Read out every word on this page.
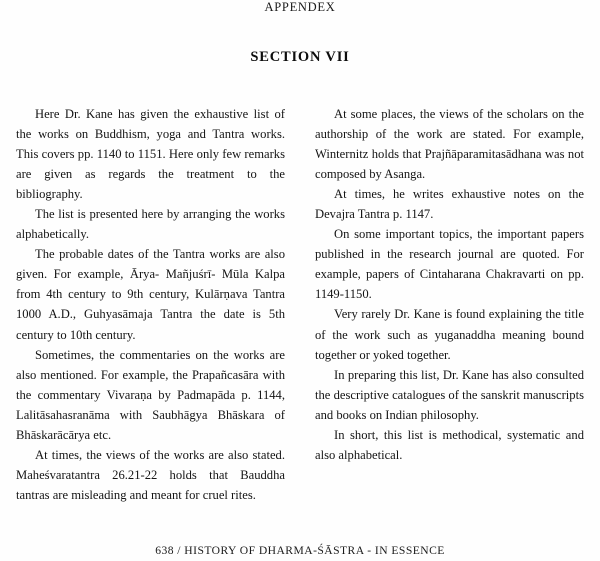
APPENDEX
SECTION VII

Here Dr. Kane has given the exhaustive list of the works on Buddhism, yoga and Tantra works. This covers pp. 1140 to 1151. Here only few remarks are given as regards the treatment to the bibliography.

The list is presented here by arranging the works alphabetically.

The probable dates of the Tantra works are also given. For example, Ārya- Mañjuśrī- Mūla Kalpa from 4th century to 9th century, Kulārṇava Tantra 1000 A.D., Guhyasāmaja Tantra the date is 5th century to 10th century.

Sometimes, the commentaries on the works are also mentioned. For example, the Prapañcasāra with the commentary Vivaraṇa by Padmapāda p. 1144, Lalitāsahasranāma with Saubhāgya Bhāskara of Bhāskarācārya etc.

At times, the views of the works are also stated. Maheśvaratantra 26.21-22 holds that Bauddha tantras are misleading and meant for cruel rites.

At some places, the views of the scholars on the authorship of the work are stated. For example, Winternitz holds that Prajñāparamitasādhana was not composed by Asanga.

At times, he writes exhaustive notes on the Devajra Tantra p. 1147.

On some important topics, the important papers published in the research journal are quoted. For example, papers of Cintaharana Chakravarti on pp. 1149-1150.

Very rarely Dr. Kane is found explaining the title of the work such as yuganaddha meaning bound together or yoked together.

In preparing this list, Dr. Kane has also consulted the descriptive catalogues of the sanskrit manuscripts and books on Indian philosophy.

In short, this list is methodical, systematic and also alphabetical.

638 / HISTORY OF DHARMA-ŚĀSTRA - IN ESSENCE
